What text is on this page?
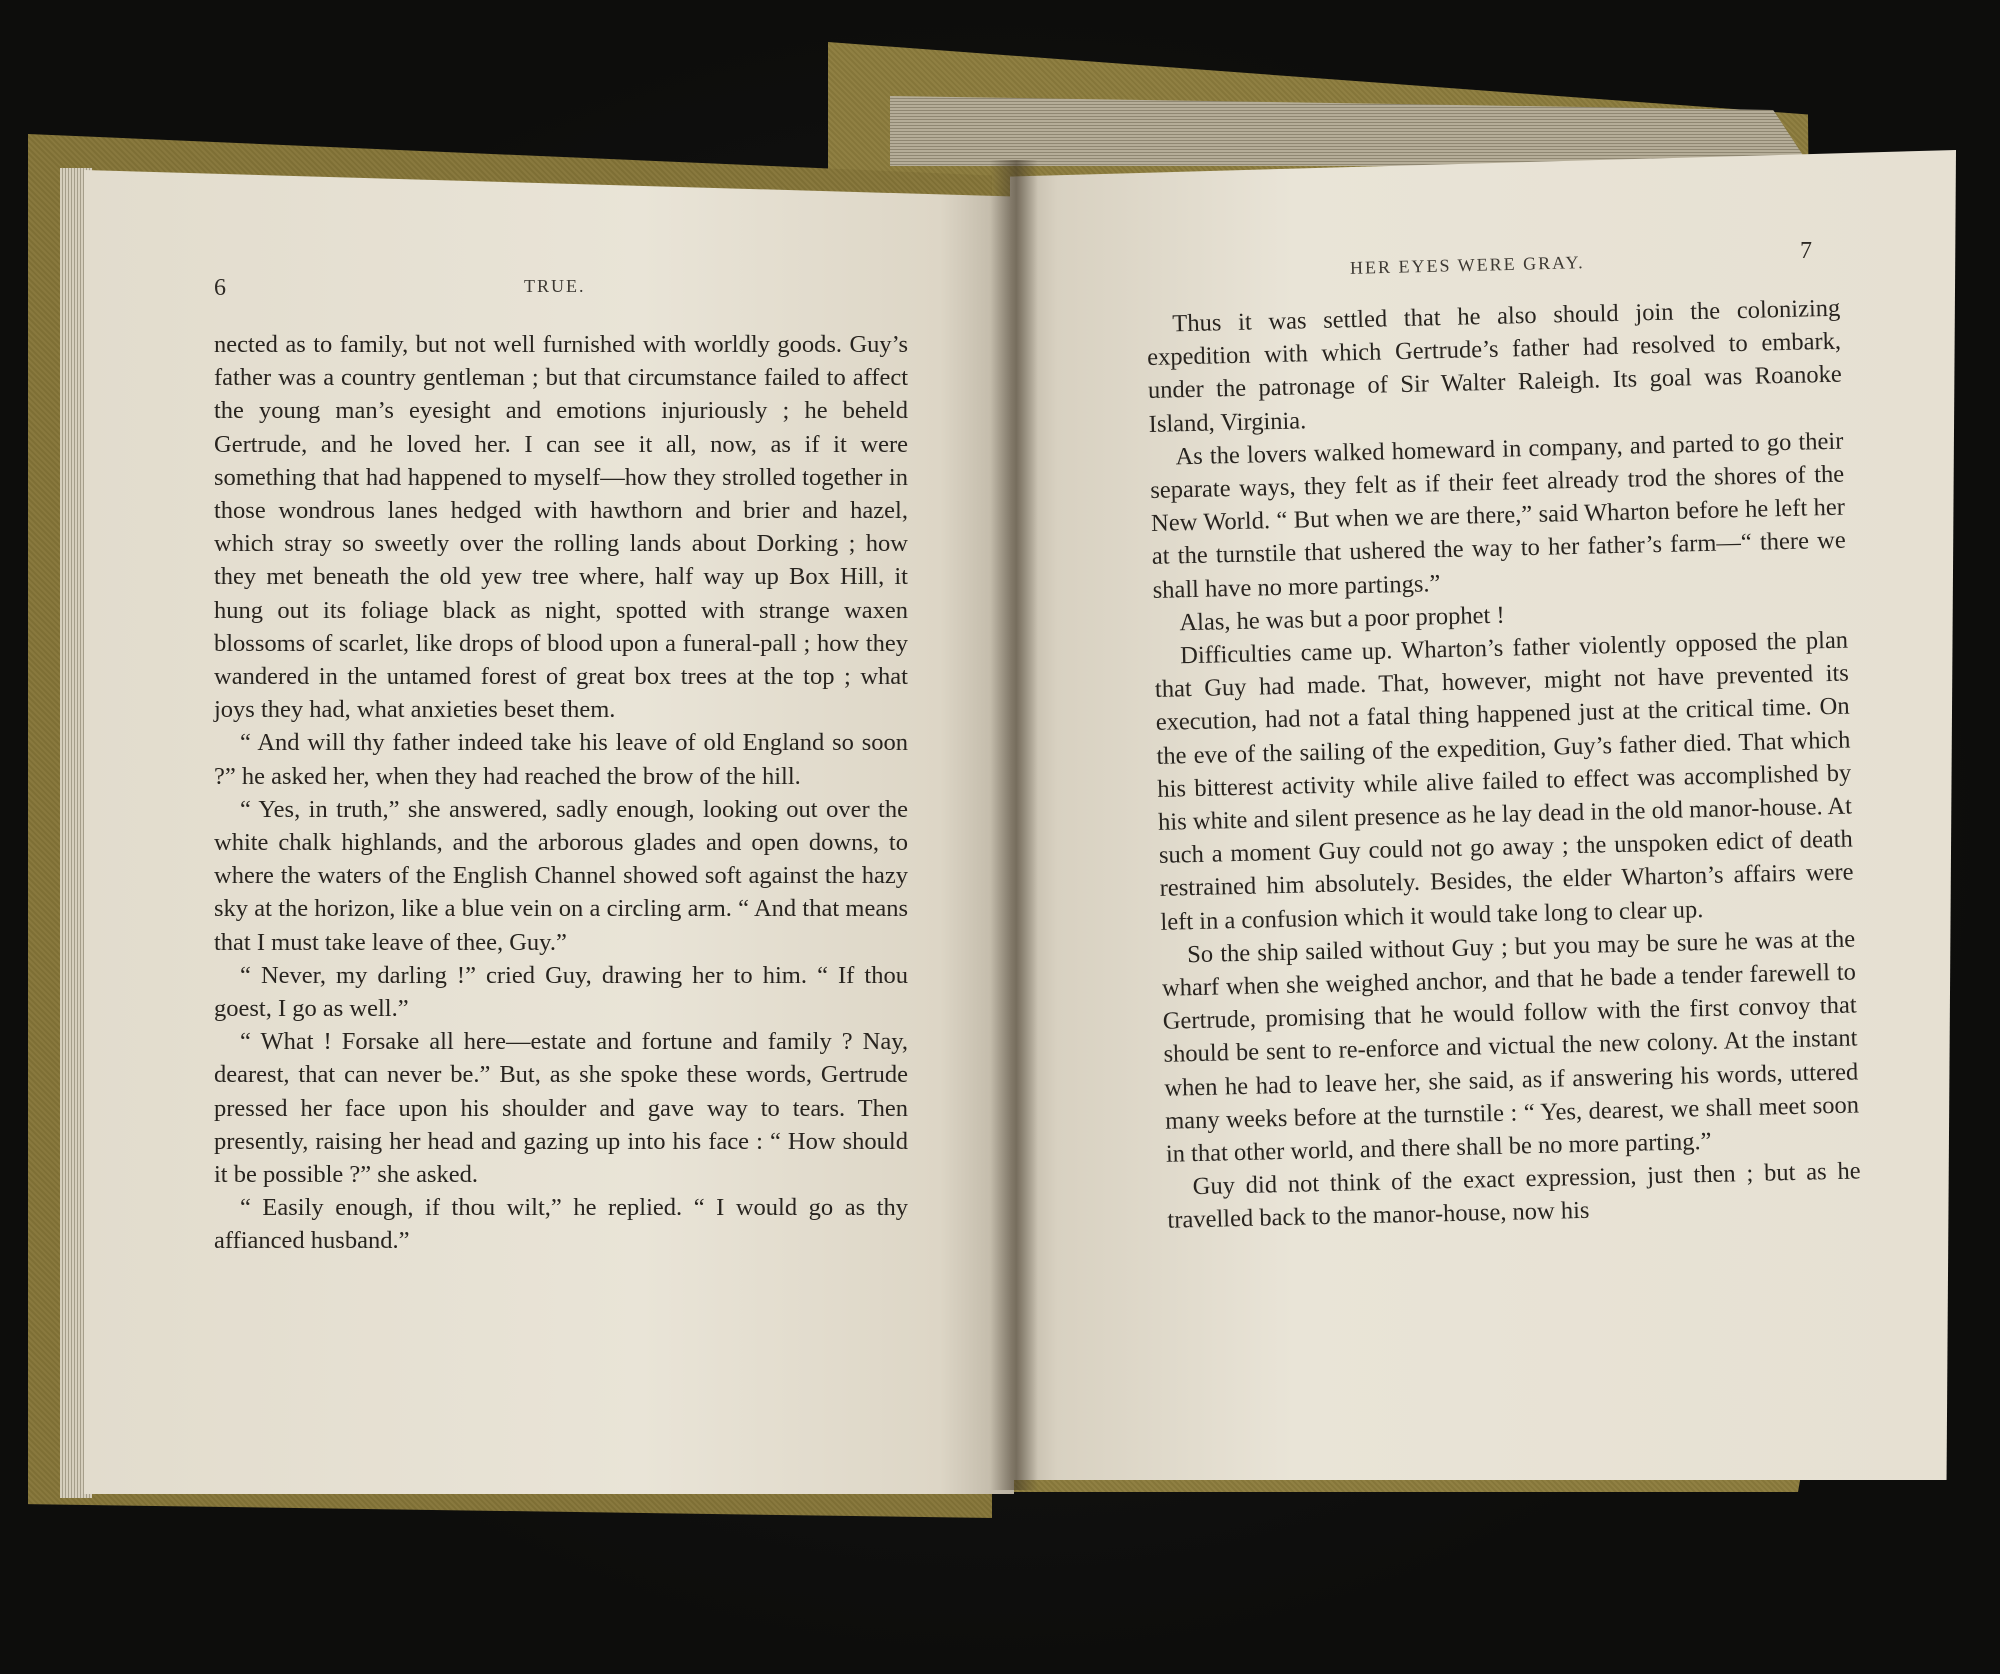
6	TRUE.

nected as to family, but not well furnished with worldly goods. Guy’s father was a country gentleman ; but that circumstance failed to affect the young man’s eyesight and emotions injuriously ; he beheld Gertrude, and he loved her. I can see it all, now, as if it were something that had happened to myself—how they strolled together in those wondrous lanes hedged with hawthorn and brier and hazel, which stray so sweetly over the rolling lands about Dorking ; how they met beneath the old yew tree where, half way up Box Hill, it hung out its foliage black as night, spotted with strange waxen blossoms of scarlet, like drops of blood upon a funeral-pall ; how they wandered in the untamed forest of great box trees at the top ; what joys they had, what anxieties beset them.

“ And will thy father indeed take his leave of old England so soon ?” he asked her, when they had reached the brow of the hill.

“ Yes, in truth,” she answered, sadly enough, looking out over the white chalk highlands, and the arborous glades and open downs, to where the waters of the English Channel showed soft against the hazy sky at the horizon, like a blue vein on a circling arm. “ And that means that I must take leave of thee, Guy.”

“ Never, my darling !” cried Guy, drawing her to him. “ If thou goest, I go as well.”

“ What ! Forsake all here—estate and fortune and family ? Nay, dearest, that can never be.” But, as she spoke these words, Gertrude pressed her face upon his shoulder and gave way to tears. Then presently, raising her head and gazing up into his face : “ How should it be possible ?” she asked.

“ Easily enough, if thou wilt,” he replied. “ I would go as thy affianced husband.”

HER EYES WERE GRAY.
7

Thus it was settled that he also should join the colonizing expedition with which Gertrude’s father had resolved to embark, under the patronage of Sir Walter Raleigh. Its goal was Roanoke Island, Virginia.

As the lovers walked homeward in company, and parted to go their separate ways, they felt as if their feet already trod the shores of the New World. “ But when we are there,” said Wharton before he left her at the turnstile that ushered the way to her father’s farm—“ there we shall have no more partings.”

Alas, he was but a poor prophet !

Difficulties came up. Wharton’s father violently opposed the plan that Guy had made. That, however, might not have prevented its execution, had not a fatal thing happened just at the critical time. On the eve of the sailing of the expedition, Guy’s father died. That which his bitterest activity while alive failed to effect was accomplished by his white and silent presence as he lay dead in the old manor-house. At such a moment Guy could not go away ; the unspoken edict of death restrained him absolutely. Besides, the elder Wharton’s affairs were left in a confusion which it would take long to clear up.

So the ship sailed without Guy ; but you may be sure he was at the wharf when she weighed anchor, and that he bade a tender farewell to Gertrude, promising that he would follow with the first convoy that should be sent to re-enforce and victual the new colony. At the instant when he had to leave her, she said, as if answering his words, uttered many weeks before at the turnstile : “ Yes, dearest, we shall meet soon in that other world, and there shall be no more parting.”

Guy did not think of the exact expression, just then ; but as he travelled back to the manor-house, now his
